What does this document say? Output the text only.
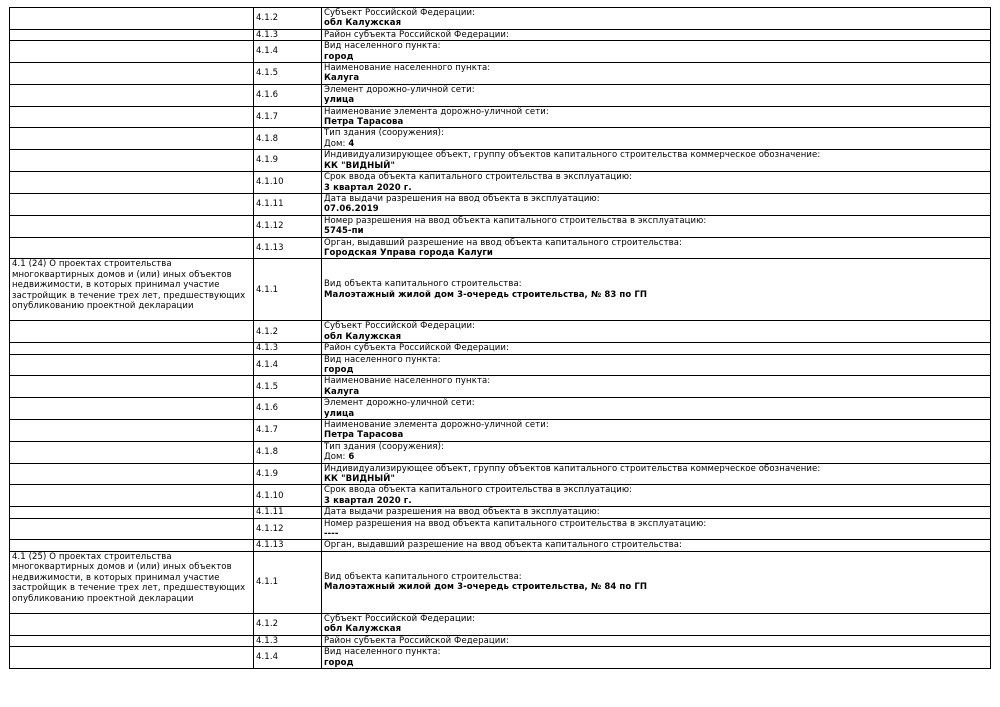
	4.1.2	Субъект Российской Федерации:
обл Калужская

	4.1.3	Район субъекта Российской Федерации:

	4.1.4	Вид населенного пункта:
город

	4.1.5	Наименование населенного пункта:
Калуга

	4.1.6	Элемент дорожно-уличной сети:
улица

	4.1.7	Наименование элемента дорожно-уличной сети:
Петра Тарасова

	4.1.8	Тип здания (сооружения):
Дом: 4

	4.1.9	Индивидуализирующее объект, группу объектов капитального строительства коммерческое обозначение:
КК "ВИДНЫЙ"

	4.1.10	Срок ввода объекта капитального строительства в эксплуатацию:
3 квартал 2020 г.

	4.1.11	Дата выдачи разрешения на ввод объекта в эксплуатацию:
07.06.2019

	4.1.12	Номер разрешения на ввод объекта капитального строительства в эксплуатацию:
5745-пи

	4.1.13	Орган, выдавший разрешение на ввод объекта капитального строительства:
Городская Управа города Калуги

4.1 (24) О проектах строительства многоквартирных домов и (или) иных объектов недвижимости, в которых принимал участие застройщик в течение трех лет, предшествующих опубликованию проектной декларации	4.1.1	Вид объекта капитального строительства:
Малоэтажный жилой дом 3-очередь строительства, № 83 по ГП

	4.1.2	Субъект Российской Федерации:
обл Калужская

	4.1.3	Район субъекта Российской Федерации:

	4.1.4	Вид населенного пункта:
город

	4.1.5	Наименование населенного пункта:
Калуга

	4.1.6	Элемент дорожно-уличной сети:
улица

	4.1.7	Наименование элемента дорожно-уличной сети:
Петра Тарасова

	4.1.8	Тип здания (сооружения):
Дом: 6

	4.1.9	Индивидуализирующее объект, группу объектов капитального строительства коммерческое обозначение:
КК "ВИДНЫЙ"

	4.1.10	Срок ввода объекта капитального строительства в эксплуатацию:
3 квартал 2020 г.

	4.1.11	Дата выдачи разрешения на ввод объекта в эксплуатацию:

	4.1.12	Номер разрешения на ввод объекта капитального строительства в эксплуатацию:
----

	4.1.13	Орган, выдавший разрешение на ввод объекта капитального строительства:

4.1 (25) О проектах строительства многоквартирных домов и (или) иных объектов недвижимости, в которых принимал участие застройщик в течение трех лет, предшествующих опубликованию проектной декларации	4.1.1	Вид объекта капитального строительства:
Малоэтажный жилой дом 3-очередь строительства, № 84 по ГП

	4.1.2	Субъект Российской Федерации:
обл Калужская

	4.1.3	Район субъекта Российской Федерации:

	4.1.4	Вид населенного пункта:
город
